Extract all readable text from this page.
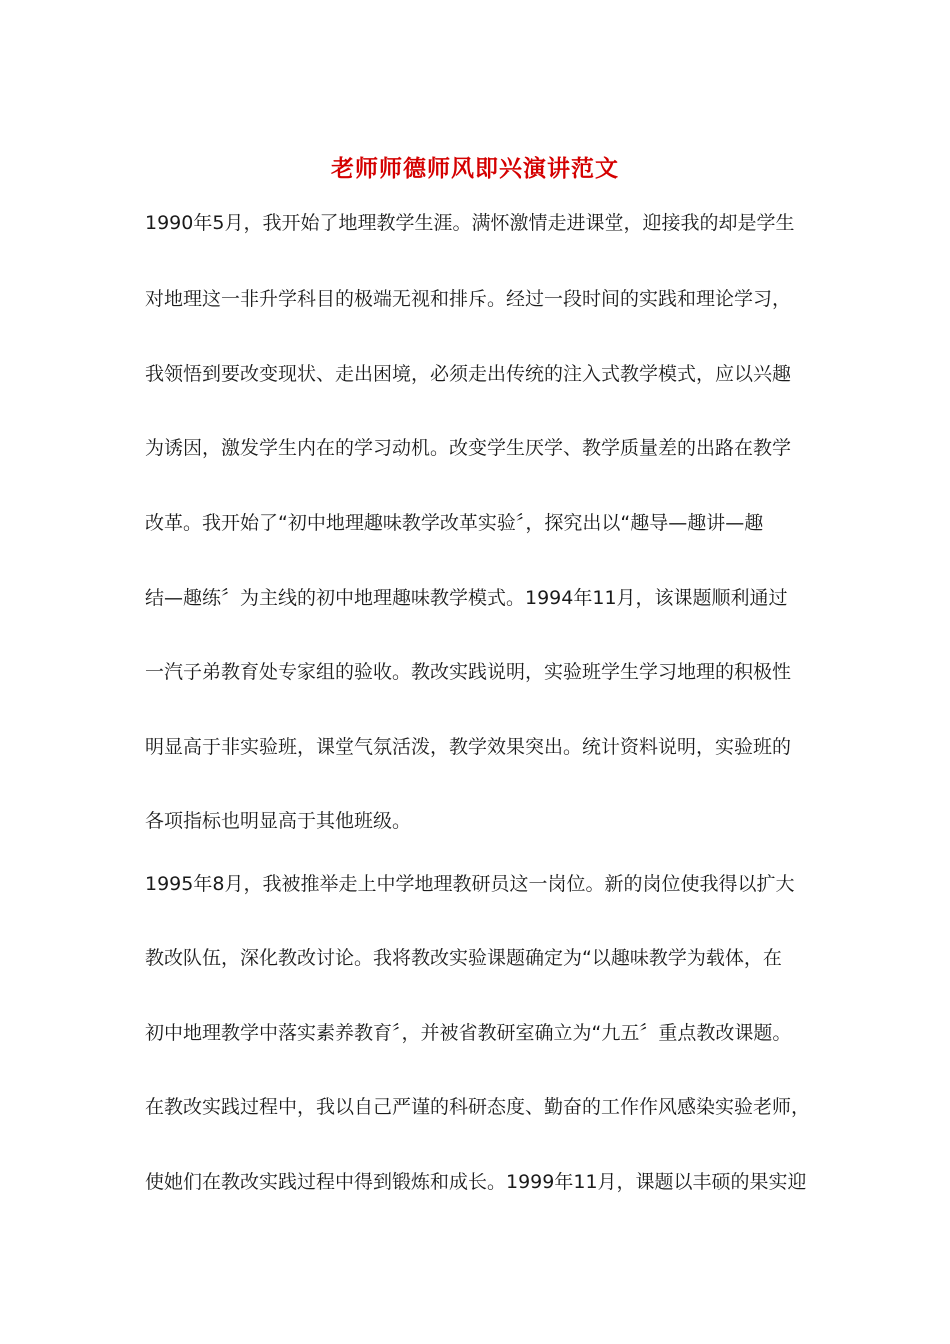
老师师德师风即兴演讲范文
1990年5月，我开始了地理教学生涯。满怀激情走进课堂，迎接我的却是学生
对地理这一非升学科目的极端无视和排斥。经过一段时间的实践和理论学习，
我领悟到要改变现状、走出困境，必须走出传统的注入式教学模式，应以兴趣
为诱因，激发学生内在的学习动机。改变学生厌学、教学质量差的出路在教学
改革。我开始了“初中地理趣味教学改革实验〞，探究出以“趣导—趣讲—趣
结—趣练〞为主线的初中地理趣味教学模式。1994年11月，该课题顺利通过
一汽子弟教育处专家组的验收。教改实践说明，实验班学生学习地理的积极性
明显高于非实验班，课堂气氛活泼，教学效果突出。统计资料说明，实验班的
各项指标也明显高于其他班级。
1995年8月，我被推举走上中学地理教研员这一岗位。新的岗位使我得以扩大
教改队伍，深化教改讨论。我将教改实验课题确定为“以趣味教学为载体，在
初中地理教学中落实素养教育〞，并被省教研室确立为“九五〞重点教改课题。
在教改实践过程中，我以自己严谨的科研态度、勤奋的工作作风感染实验老师，
使她们在教改实践过程中得到锻炼和成长。1999年11月，课题以丰硕的果实迎
